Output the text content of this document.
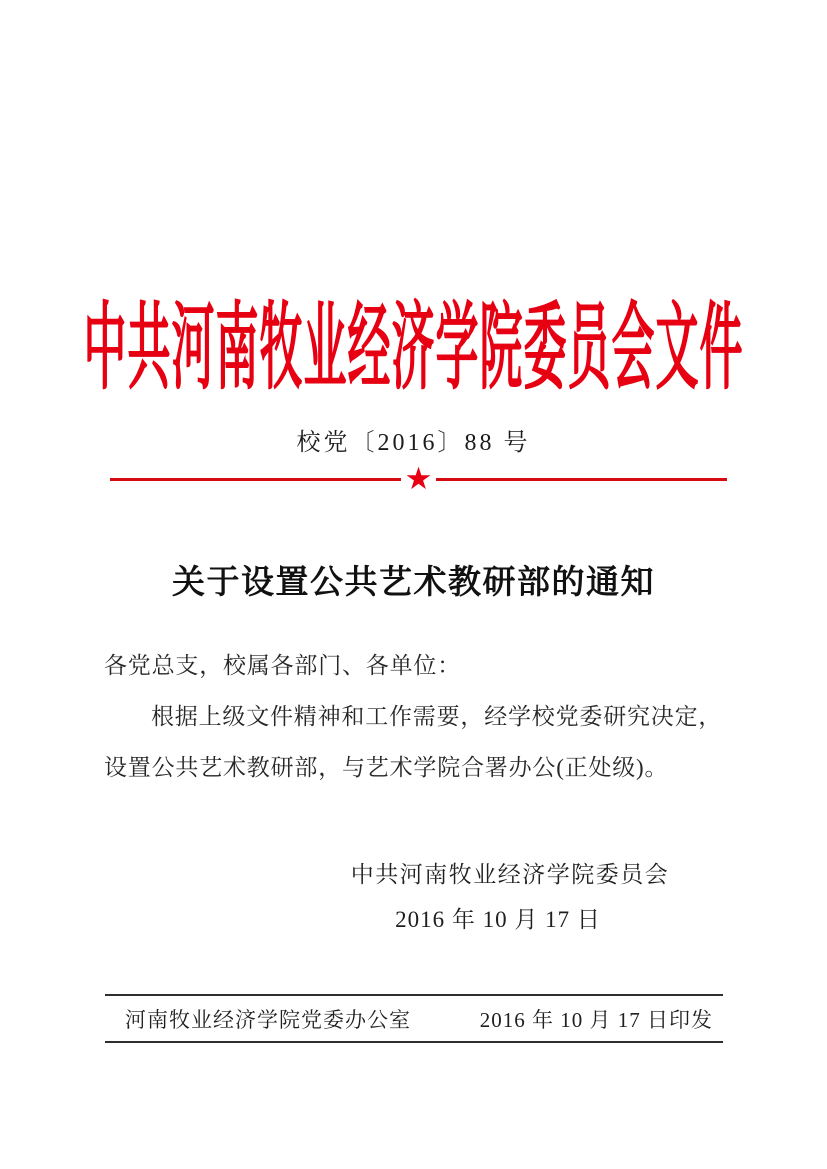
中共河南牧业经济学院委员会文件
校党〔2016〕88 号
★
关于设置公共艺术教研部的通知
各党总支，校属各部门、各单位：
根据上级文件精神和工作需要，经学校党委研究决定，
设置公共艺术教研部，与艺术学院合署办公(正处级)。
中共河南牧业经济学院委员会
2016 年 10 月 17 日
河南牧业经济学院党委办公室	2016 年 10 月 17 日印发
